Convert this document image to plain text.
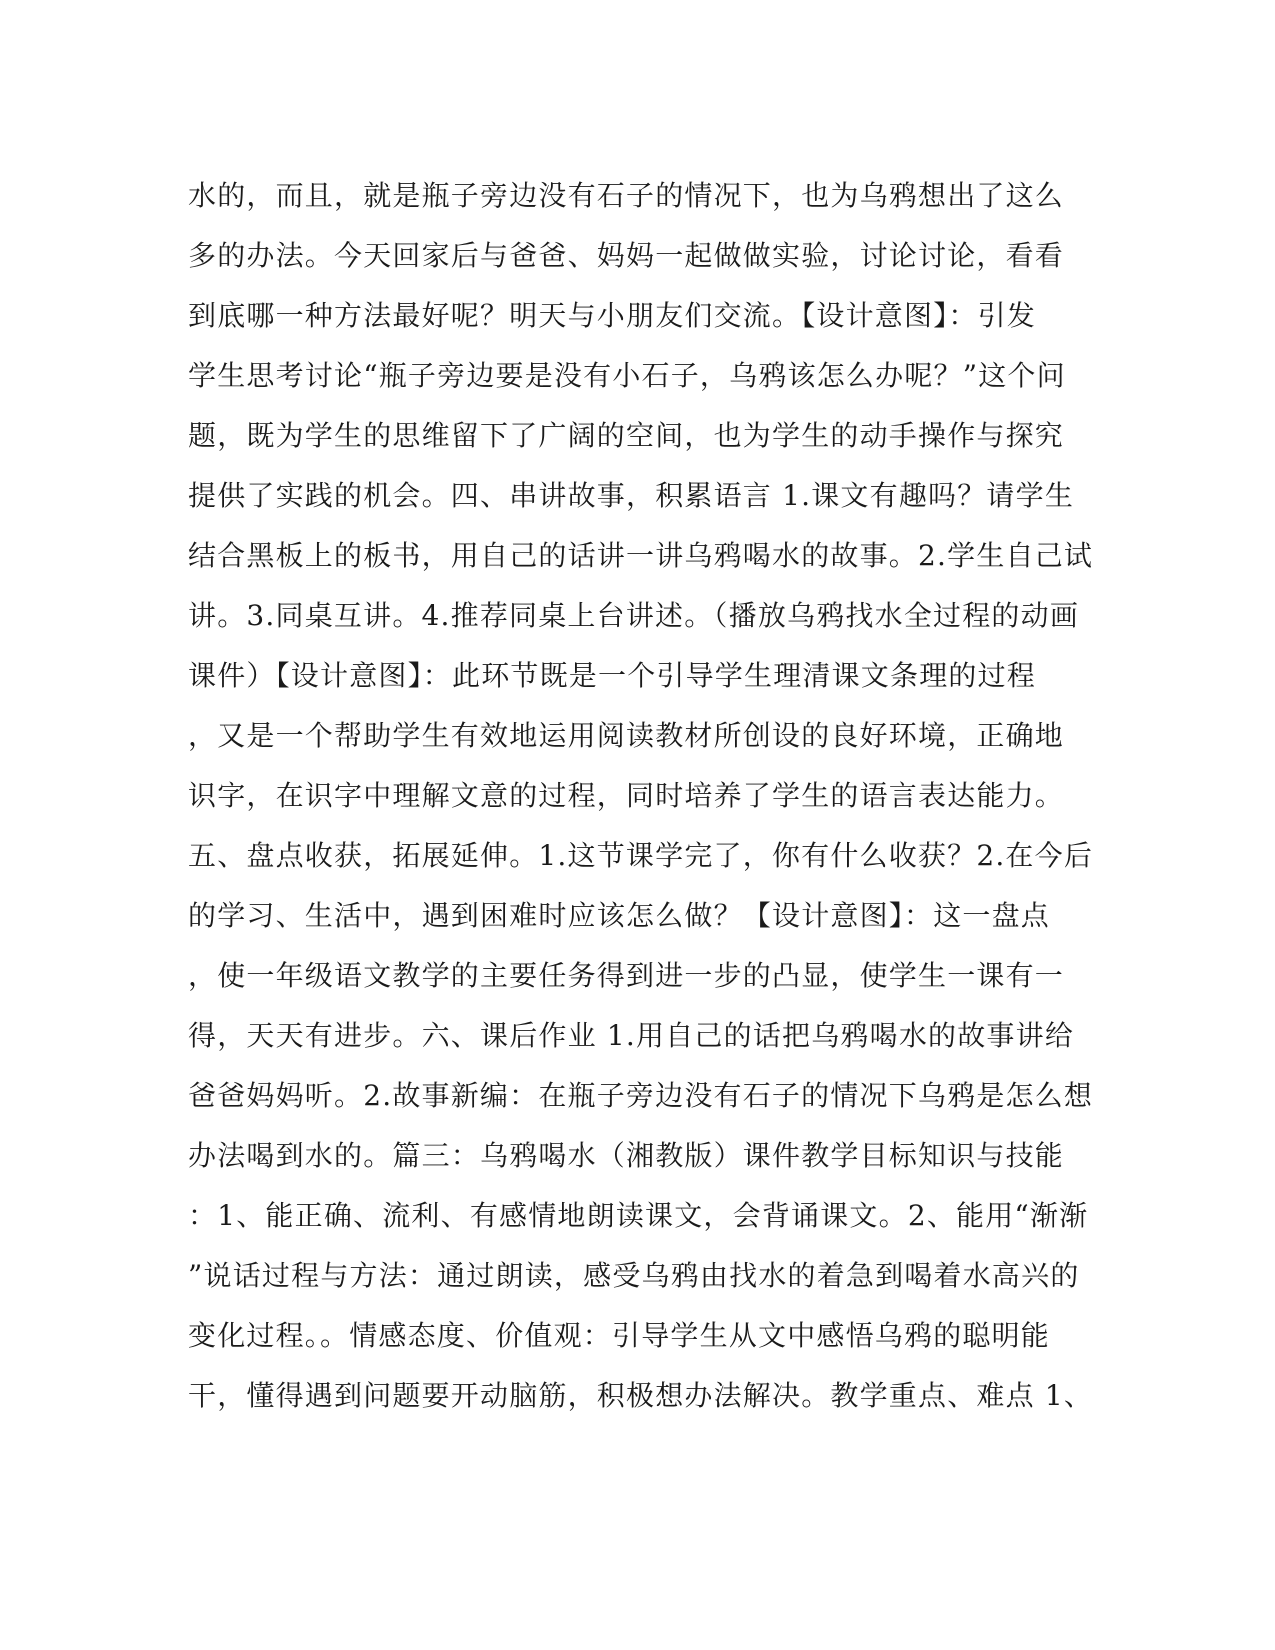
水的，而且，就是瓶子旁边没有石子的情况下，也为乌鸦想出了这么
多的办法。今天回家后与爸爸、妈妈一起做做实验，讨论讨论，看看
到底哪一种方法最好呢？明天与小朋友们交流。【设计意图】：引发
学生思考讨论“瓶子旁边要是没有小石子，乌鸦该怎么办呢？”这个问
题，既为学生的思维留下了广阔的空间，也为学生的动手操作与探究
提供了实践的机会。四、串讲故事，积累语言 1.课文有趣吗？请学生
结合黑板上的板书，用自己的话讲一讲乌鸦喝水的故事。2.学生自己试
讲。3.同桌互讲。4.推荐同桌上台讲述。（播放乌鸦找水全过程的动画
课件）【设计意图】：此环节既是一个引导学生理清课文条理的过程
，又是一个帮助学生有效地运用阅读教材所创设的良好环境，正确地
识字，在识字中理解文意的过程，同时培养了学生的语言表达能力。
五、盘点收获，拓展延伸。1.这节课学完了，你有什么收获？2.在今后
的学习、生活中，遇到困难时应该怎么做？【设计意图】：这一盘点
，使一年级语文教学的主要任务得到进一步的凸显，使学生一课有一
得，天天有进步。六、课后作业 1.用自己的话把乌鸦喝水的故事讲给
爸爸妈妈听。2.故事新编：在瓶子旁边没有石子的情况下乌鸦是怎么想
办法喝到水的。篇三：乌鸦喝水（湘教版）课件教学目标知识与技能
：1、能正确、流利、有感情地朗读课文，会背诵课文。2、能用“渐渐
”说话过程与方法：通过朗读，感受乌鸦由找水的着急到喝着水高兴的
变化过程。。情感态度、价值观：引导学生从文中感悟乌鸦的聪明能
干，懂得遇到问题要开动脑筋，积极想办法解决。教学重点、难点 1、
